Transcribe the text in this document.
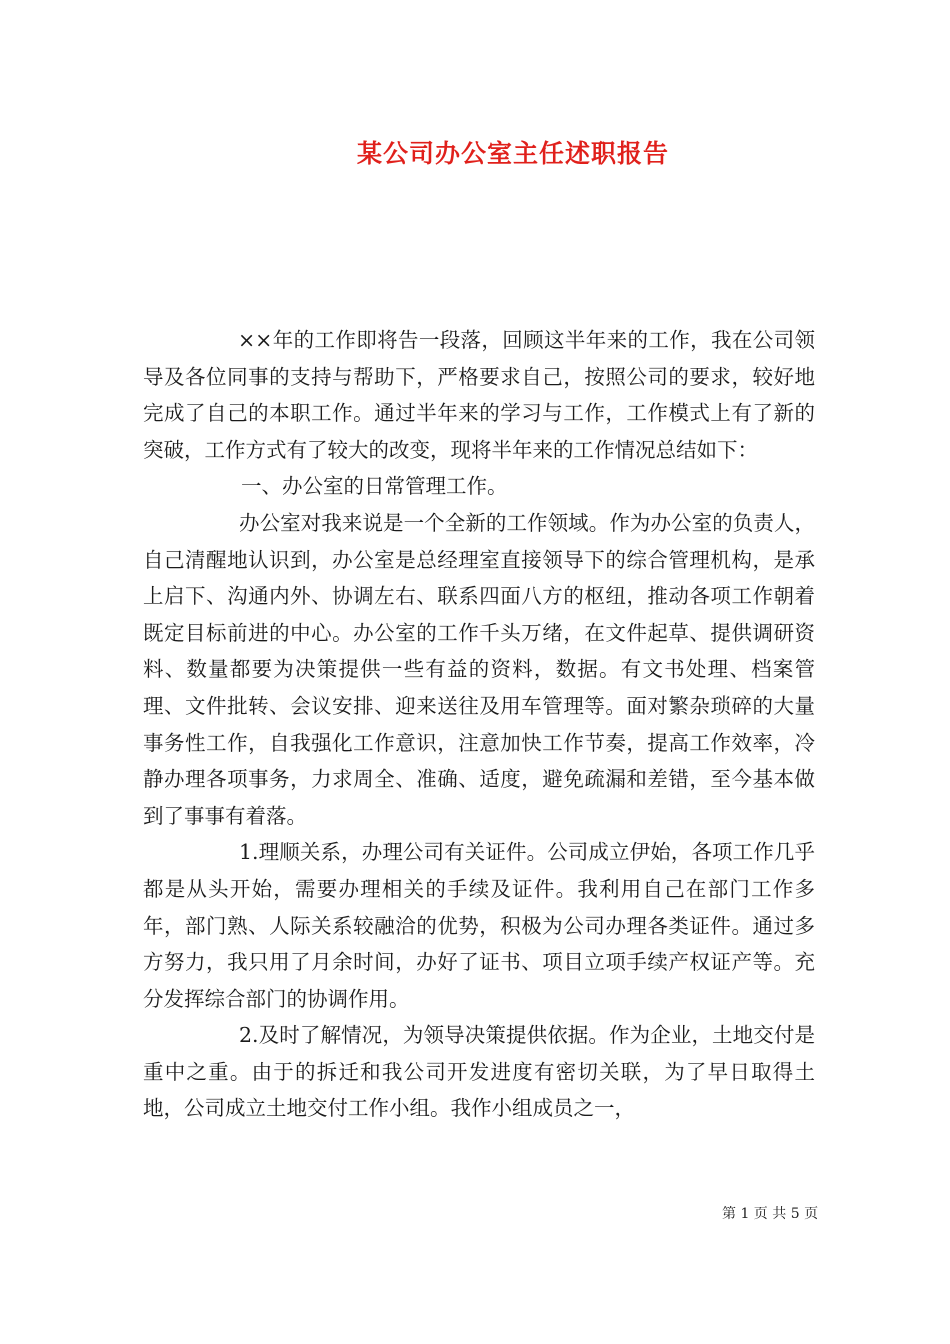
某公司办公室主任述职报告

××年的工作即将告一段落，回顾这半年来的工作，我在公司领导及各位同事的支持与帮助下，严格要求自己，按照公司的要求，较好地完成了自己的本职工作。通过半年来的学习与工作，工作模式上有了新的突破，工作方式有了较大的改变，现将半年来的工作情况总结如下：

一、办公室的日常管理工作。

办公室对我来说是一个全新的工作领域。作为办公室的负责人，自己清醒地认识到，办公室是总经理室直接领导下的综合管理机构，是承上启下、沟通内外、协调左右、联系四面八方的枢纽，推动各项工作朝着既定目标前进的中心。办公室的工作千头万绪，在文件起草、提供调研资料、数量都要为决策提供一些有益的资料，数据。有文书处理、档案管理、文件批转、会议安排、迎来送往及用车管理等。面对繁杂琐碎的大量事务性工作，自我强化工作意识，注意加快工作节奏，提高工作效率，冷静办理各项事务，力求周全、准确、适度，避免疏漏和差错，至今基本做到了事事有着落。

1.理顺关系，办理公司有关证件。公司成立伊始，各项工作几乎都是从头开始，需要办理相关的手续及证件。我利用自己在部门工作多年，部门熟、人际关系较融洽的优势，积极为公司办理各类证件。通过多方努力，我只用了月余时间，办好了证书、项目立项手续产权证产等。充分发挥综合部门的协调作用。

2.及时了解情况，为领导决策提供依据。作为企业，土地交付是重中之重。由于的拆迁和我公司开发进度有密切关联，为了早日取得土地，公司成立土地交付工作小组。我作小组成员之一，

第 1 页 共 5 页
